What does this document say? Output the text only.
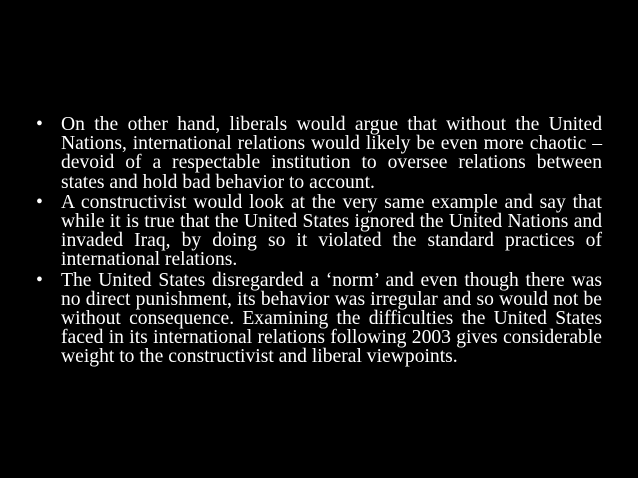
• On the other hand, liberals would argue that without the United Nations, international relations would likely be even more chaotic – devoid of a respectable institution to oversee relations between states and hold bad behavior to account.
• A constructivist would look at the very same example and say that while it is true that the United States ignored the United Nations and invaded Iraq, by doing so it violated the standard practices of international relations.
• The United States disregarded a ‘norm’ and even though there was no direct punishment, its behavior was irregular and so would not be without consequence. Examining the difficulties the United States faced in its international relations following 2003 gives considerable weight to the constructivist and liberal viewpoints.
